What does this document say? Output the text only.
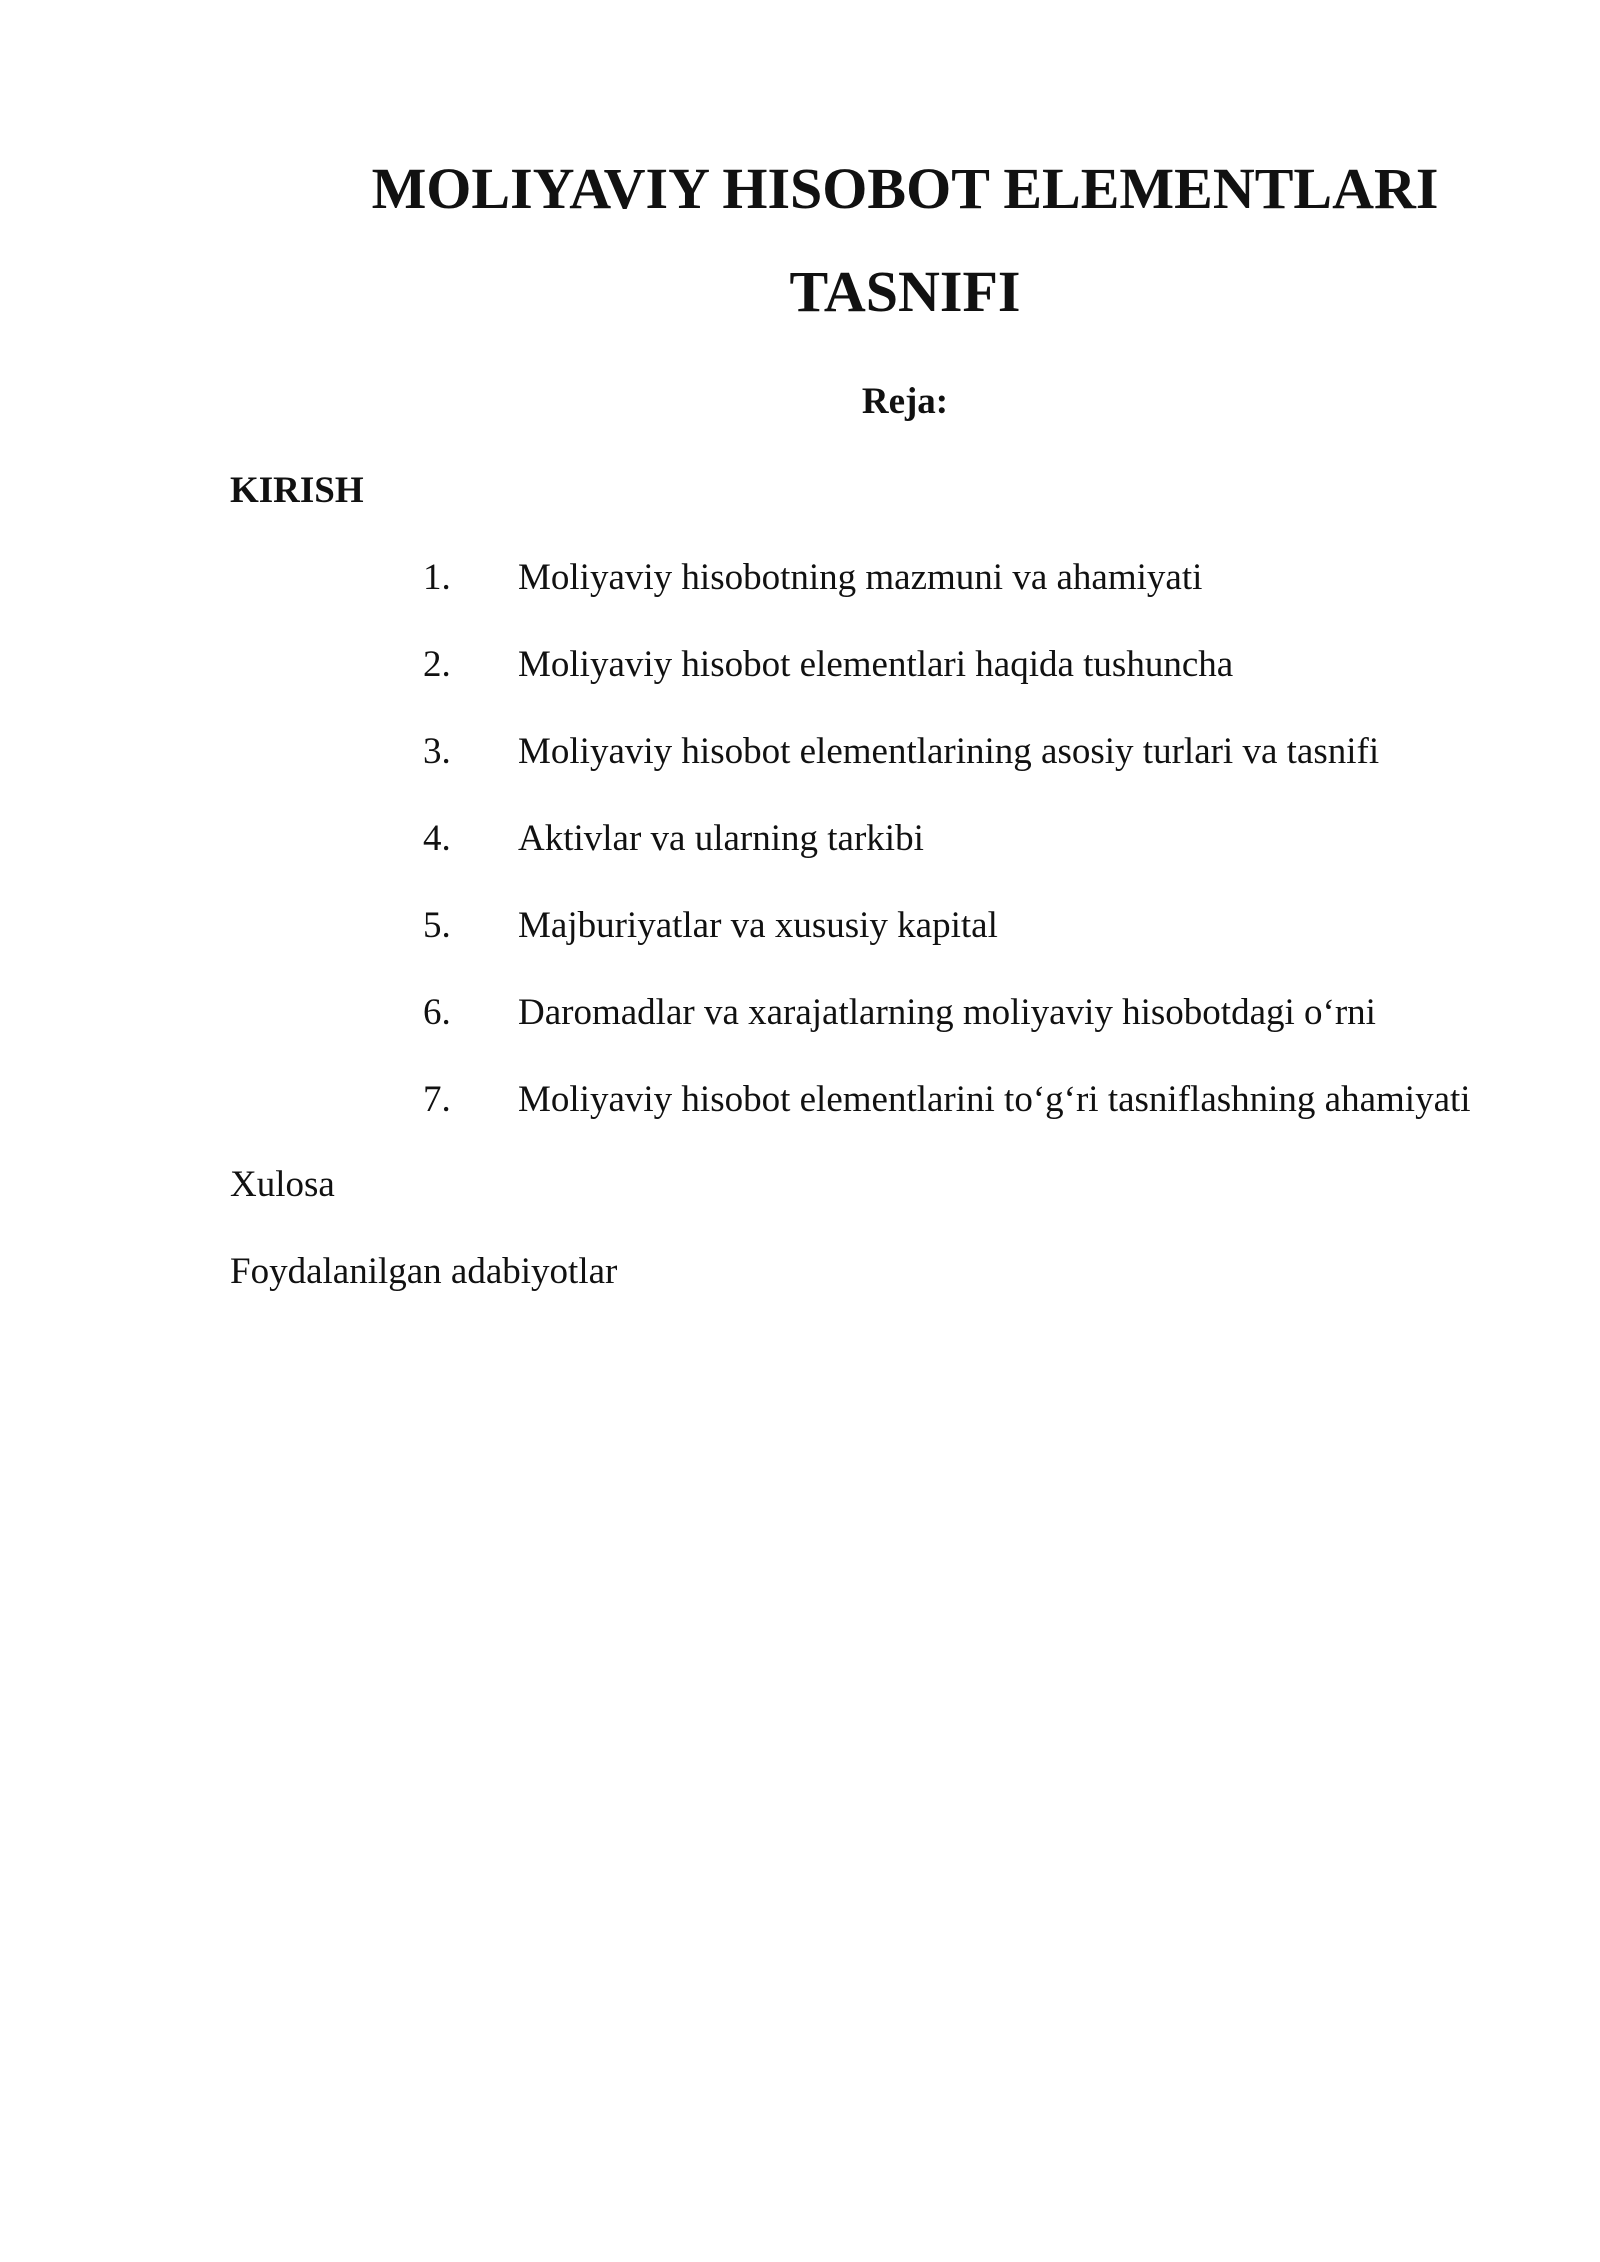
MOLIYAVIY HISOBOT ELEMENTLARI
TASNIFI
Reja:
KIRISH
1. Moliyaviy hisobotning mazmuni va ahamiyati
2. Moliyaviy hisobot elementlari haqida tushuncha
3. Moliyaviy hisobot elementlarining asosiy turlari va tasnifi
4. Aktivlar va ularning tarkibi
5. Majburiyatlar va xususiy kapital
6. Daromadlar va xarajatlarning moliyaviy hisobotdagi o‘rni
7. Moliyaviy hisobot elementlarini to‘g‘ri tasniflashning ahamiyati
Xulosa
Foydalanilgan adabiyotlar
